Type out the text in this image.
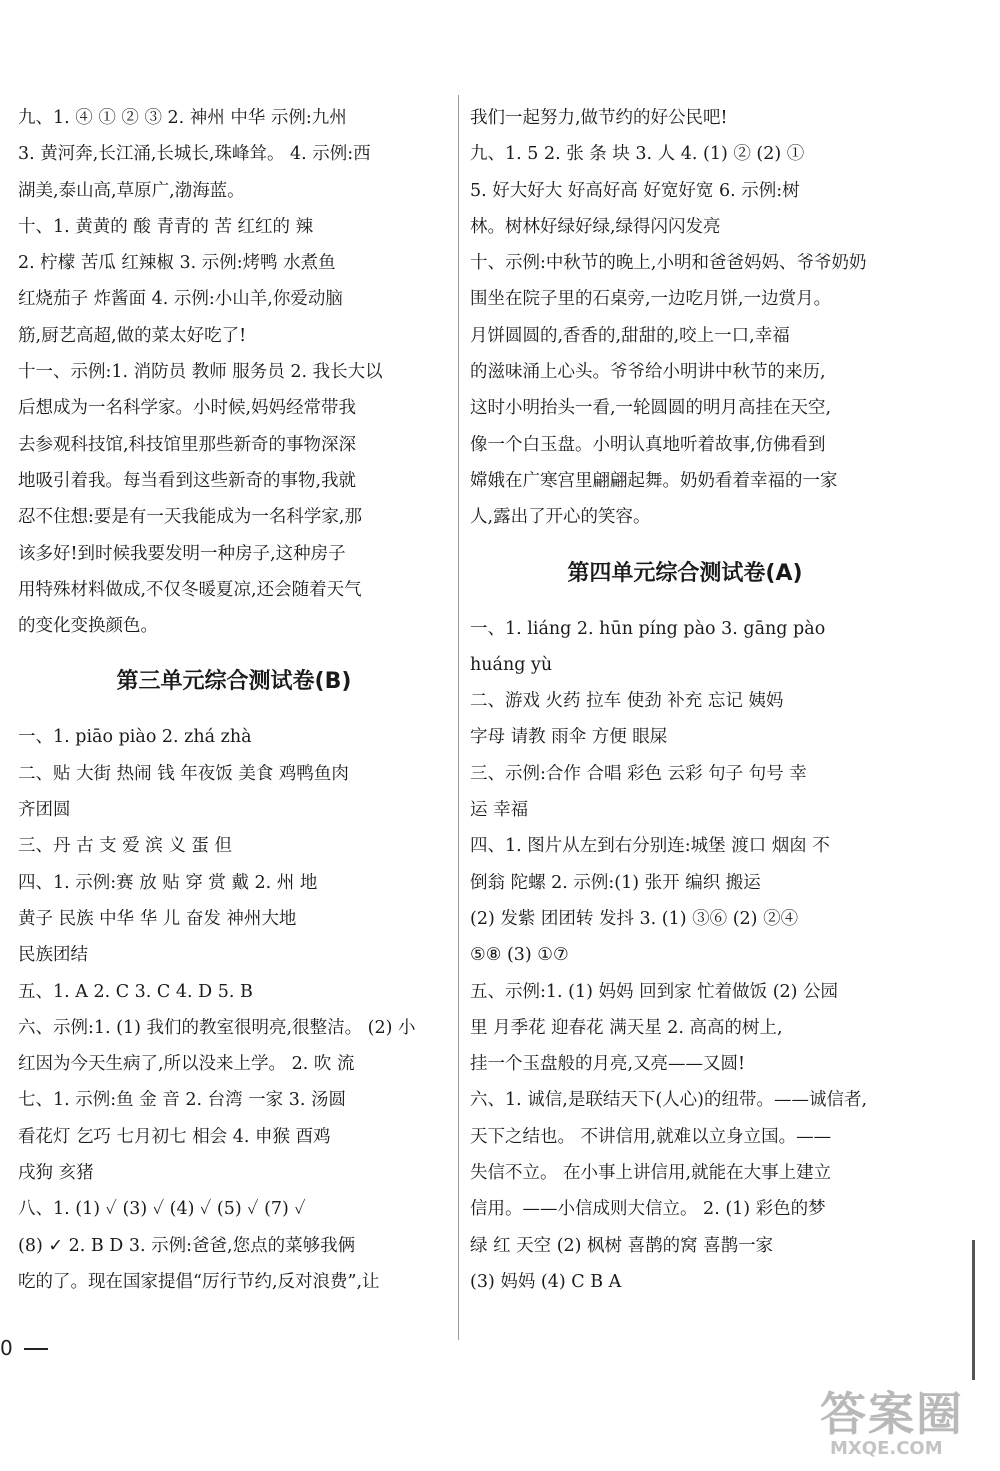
九、1. ④ ① ② ③ 2. 神州 中华 示例:九州
3. 黄河奔,长江涌,长城长,珠峰耸。 4. 示例:西
湖美,泰山高,草原广,渤海蓝。
十、1. 黄黄的 酸 青青的 苦 红红的 辣
2. 柠檬 苦瓜 红辣椒 3. 示例:烤鸭 水煮鱼
红烧茄子 炸酱面 4. 示例:小山羊,你爱动脑
筋,厨艺高超,做的菜太好吃了!
十一、示例:1. 消防员 教师 服务员 2. 我长大以
后想成为一名科学家。小时候,妈妈经常带我
去参观科技馆,科技馆里那些新奇的事物深深
地吸引着我。每当看到这些新奇的事物,我就
忍不住想:要是有一天我能成为一名科学家,那
该多好!到时候我要发明一种房子,这种房子
用特殊材料做成,不仅冬暖夏凉,还会随着天气
的变化变换颜色。
第三单元综合测试卷(B)
一、1. piāo piào 2. zhá zhà
二、贴 大街 热闹 钱 年夜饭 美食 鸡鸭鱼肉
齐团圆
三、丹 古 支 爱 滨 义 蛋 但
四、1. 示例:赛 放 贴 穿 赏 戴 2. 州 地
黄子 民族 中华 华 儿 奋发 神州大地
民族团结
五、1. A 2. C 3. C 4. D 5. B
六、示例:1. (1) 我们的教室很明亮,很整洁。 (2) 小
红因为今天生病了,所以没来上学。 2. 吹 流
七、1. 示例:鱼 金 音 2. 台湾 一家 3. 汤圆
看花灯 乞巧 七月初七 相会 4. 申猴 酉鸡
戌狗 亥猪
八、1. (1) ✓ (3) ✓ (4) ✓ (5) ✓ (7) ✓
(8) ✓ 2. B D 3. 示例:爸爸,您点的菜够我俩
吃的了。现在国家提倡“厉行节约,反对浪费”,让
我们一起努力,做节约的好公民吧!
九、1. 5 2. 张 条 块 3. 人 4. (1) ② (2) ①
5. 好大好大 好高好高 好宽好宽 6. 示例:树
林。树林好绿好绿,绿得闪闪发亮
十、示例:中秋节的晚上,小明和爸爸妈妈、爷爷奶奶
围坐在院子里的石桌旁,一边吃月饼,一边赏月。
月饼圆圆的,香香的,甜甜的,咬上一口,幸福
的滋味涌上心头。爷爷给小明讲中秋节的来历,
这时小明抬头一看,一轮圆圆的明月高挂在天空,
像一个白玉盘。小明认真地听着故事,仿佛看到
嫦娥在广寒宫里翩翩起舞。奶奶看着幸福的一家
人,露出了开心的笑容。
第四单元综合测试卷(A)
一、1. liáng 2. hūn píng pào 3. gāng pào
huáng yù
二、游戏 火药 拉车 使劲 补充 忘记 姨妈
字母 请教 雨伞 方便 眼屎
三、示例:合作 合唱 彩色 云彩 句子 句号 幸
运 幸福
四、1. 图片从左到右分别连:城堡 渡口 烟囱 不
倒翁 陀螺 2. 示例:(1) 张开 编织 搬运
(2) 发紫 团团转 发抖 3. (1) ③⑥ (2) ②④
⑤⑧ (3) ①⑦
五、示例:1. (1) 妈妈 回到家 忙着做饭 (2) 公园
里 月季花 迎春花 满天星 2. 高高的树上,
挂一个玉盘般的月亮,又亮——又圆!
六、1. 诚信,是联结天下(人心)的纽带。——诚信者,
天下之结也。 不讲信用,就难以立身立国。——
失信不立。 在小事上讲信用,就能在大事上建立
信用。——小信成则大信立。 2. (1) 彩色的梦
绿 红 天空 (2) 枫树 喜鹊的窝 喜鹊一家
(3) 妈妈 (4) C B A
0
答案圈
MXQE.COM
